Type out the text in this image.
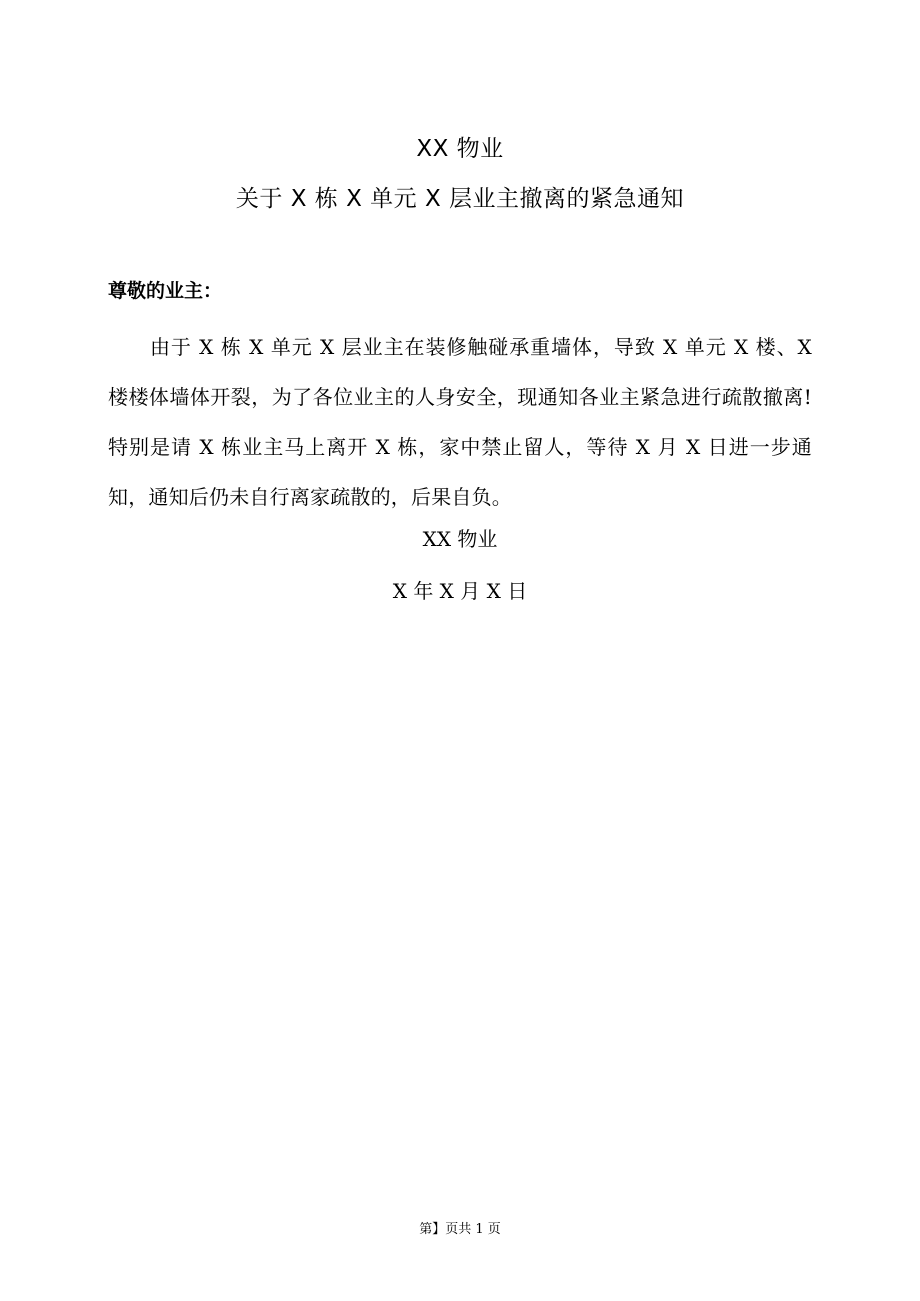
XX 物业
关于 X 栋 X 单元 X 层业主撤离的紧急通知
尊敬的业主：
由于 X 栋 X 单元 X 层业主在装修触碰承重墙体，导致 X 单元 X 楼、X 楼楼体墙体开裂，为了各位业主的人身安全，现通知各业主紧急进行疏散撤离!特别是请 X 栋业主马上离开 X 栋，家中禁止留人，等待 X 月 X 日进一步通知，通知后仍未自行离家疏散的，后果自负。
XX 物业
X 年 X 月 X 日
第】页共 1 页
